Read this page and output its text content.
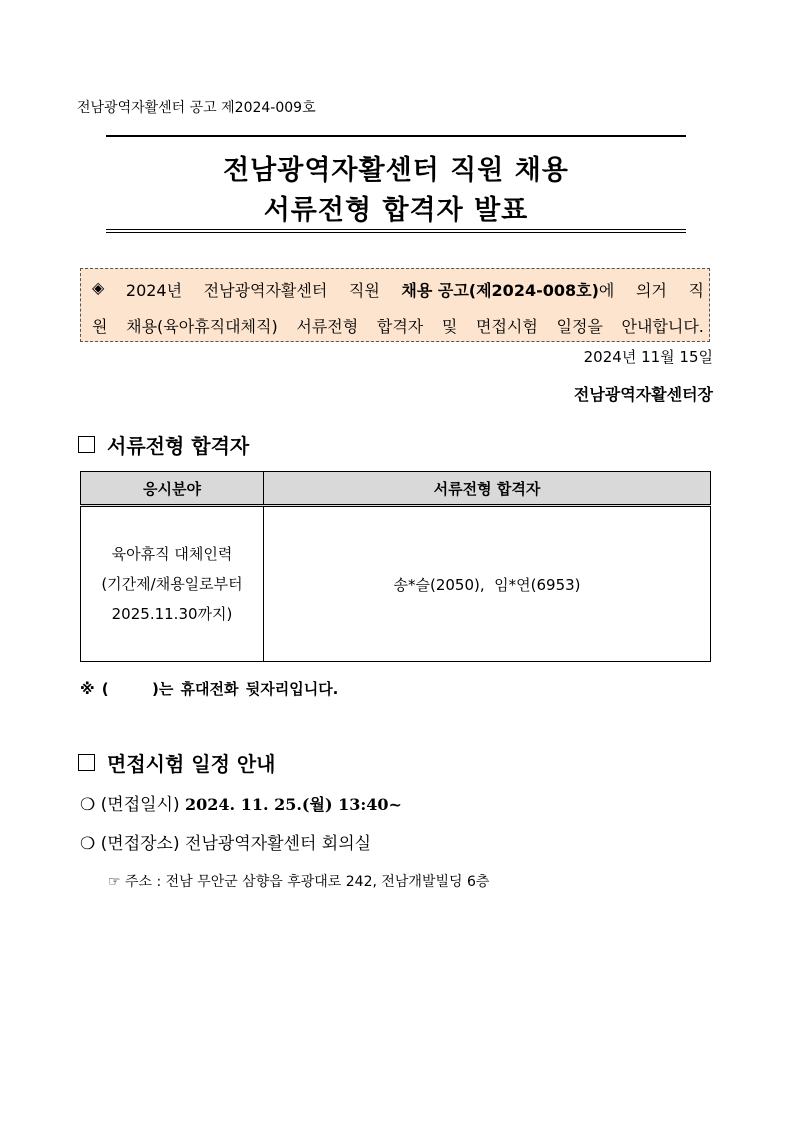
전남광역자활센터 공고 제2024-009호
전남광역자활센터 직원 채용
서류전형 합격자 발표
◈ 2024년 전남광역자활센터 직원 채용 공고(제2024-008호)에 의거 직
원 채용(육아휴직대체직) 서류전형 합격자 및 면접시험 일정을 안내합니다.
2024년 11월 15일
전남광역자활센터장
서류전형 합격자
응시분야	서류전형 합격자

육아휴직 대체인력
(기간제/채용일로부터
2025.11.30까지)	송*슬(2050),  임*연(6953)
※ (      )는 휴대전화 뒷자리입니다.
면접시험 일정 안내
❍ (면접일시) 2024. 11. 25.(월) 13:40~
❍ (면접장소) 전남광역자활센터 회의실
☞ 주소 : 전남 무안군 삼향읍 후광대로 242, 전남개발빌딩 6층
